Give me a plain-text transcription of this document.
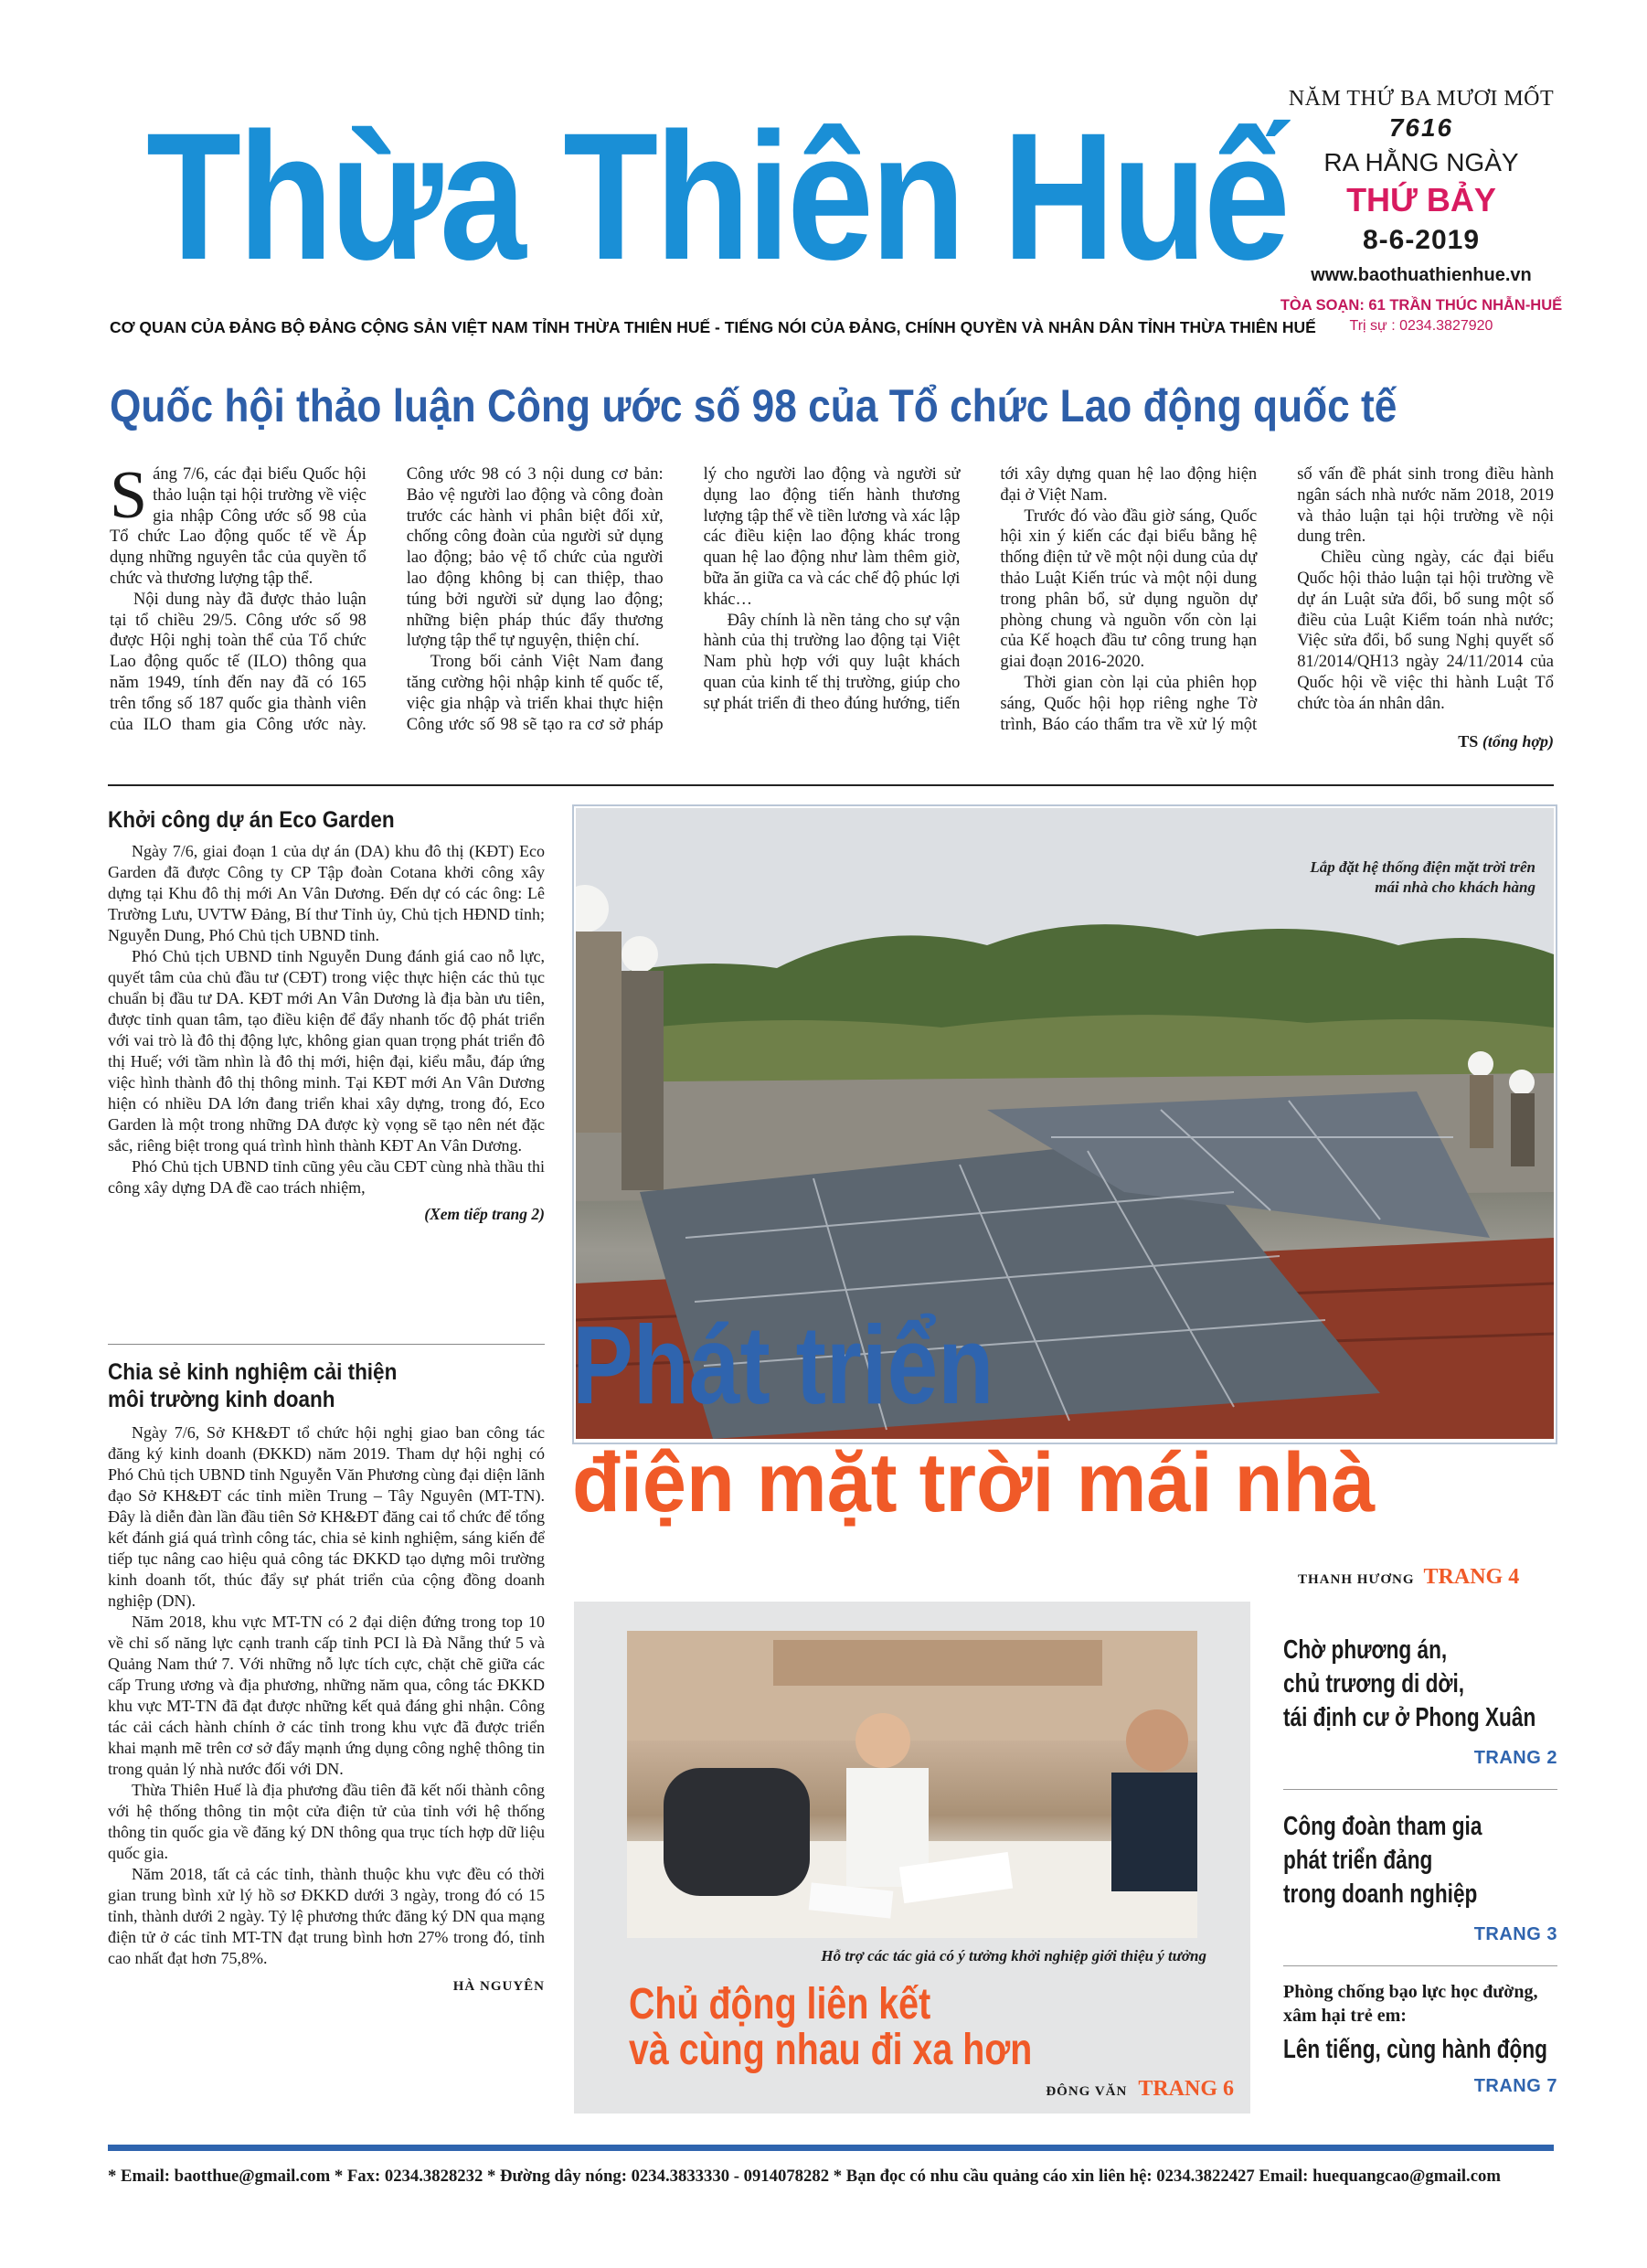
Thừa Thiên Huế
CƠ QUAN CỦA ĐẢNG BỘ ĐẢNG CỘNG SẢN VIỆT NAM TỈNH THỪA THIÊN HUẾ - TIẾNG NÓI CỦA ĐẢNG, CHÍNH QUYỀN VÀ NHÂN DÂN TỈNH THỪA THIÊN HUẾ
NĂM THỨ BA MƯƠI MỐT
7616
RA HẰNG NGÀY
THỨ BẢY
8-6-2019
www.baothuathienhue.vn
TÒA SOẠN: 61 TRẦN THÚC NHẪN-HUẾ
Trị sự : 0234.3827920
Quốc hội thảo luận Công ước số 98 của Tổ chức Lao động quốc tế

Sáng 7/6, các đại biểu Quốc hội thảo luận tại hội trường về việc gia nhập Công ước số 98 của Tổ chức Lao động quốc tế về Áp dụng những nguyên tắc của quyền tổ chức và thương lượng tập thể.

Nội dung này đã được thảo luận tại tổ chiều 29/5. Công ước số 98 được Hội nghị toàn thể của Tổ chức Lao động quốc tế (ILO) thông qua năm 1949, tính đến nay đã có 165 trên tổng số 187 quốc gia thành viên của ILO tham gia Công ước này. Công ước 98 có 3 nội dung cơ bản: Bảo vệ người lao động và công đoàn trước các hành vi phân biệt đối xử, chống công đoàn của người sử dụng lao động; bảo vệ tổ chức của người lao động không bị can thiệp, thao túng bởi người sử dụng lao động; những biện pháp thúc đẩy thương lượng tập thể tự nguyện, thiện chí.

Trong bối cảnh Việt Nam đang tăng cường hội nhập kinh tế quốc tế, việc gia nhập và triển khai thực hiện Công ước số 98 sẽ tạo ra cơ sở pháp lý cho người lao động và người sử dụng lao động tiến hành thương lượng tập thể về tiền lương và xác lập các điều kiện lao động khác trong quan hệ lao động như làm thêm giờ, bữa ăn giữa ca và các chế độ phúc lợi khác…

Đây chính là nền tảng cho sự vận hành của thị trường lao động tại Việt Nam phù hợp với quy luật khách quan của kinh tế thị trường, giúp cho sự phát triển đi theo đúng hướng, tiến tới xây dựng quan hệ lao động hiện đại ở Việt Nam.

Trước đó vào đầu giờ sáng, Quốc hội xin ý kiến các đại biểu bằng hệ thống điện tử về một nội dung của dự thảo Luật Kiến trúc và một nội dung trong phân bổ, sử dụng nguồn dự phòng chung và nguồn vốn còn lại của Kế hoạch đầu tư công trung hạn giai đoạn 2016-2020.

Thời gian còn lại của phiên họp sáng, Quốc hội họp riêng nghe Tờ trình, Báo cáo thẩm tra về xử lý một số vấn đề phát sinh trong điều hành ngân sách nhà nước năm 2018, 2019 và thảo luận tại hội trường về nội dung trên.

Chiều cùng ngày, các đại biểu Quốc hội thảo luận tại hội trường về dự án Luật sửa đổi, bổ sung một số điều của Luật Kiểm toán nhà nước; Việc sửa đổi, bổ sung Nghị quyết số 81/2014/QH13 ngày 24/11/2014 của Quốc hội về việc thi hành Luật Tổ chức tòa án nhân dân.

TS (tổng hợp)
Khởi công dự án Eco Garden

Ngày 7/6, giai đoạn 1 của dự án (DA) khu đô thị (KĐT) Eco Garden đã được Công ty CP Tập đoàn Cotana khởi công xây dựng tại Khu đô thị mới An Vân Dương. Đến dự có các ông: Lê Trường Lưu, UVTW Đảng, Bí thư Tỉnh ủy, Chủ tịch HĐND tỉnh; Nguyễn Dung, Phó Chủ tịch UBND tỉnh.

Phó Chủ tịch UBND tỉnh Nguyễn Dung đánh giá cao nỗ lực, quyết tâm của chủ đầu tư (CĐT) trong việc thực hiện các thủ tục chuẩn bị đầu tư DA. KĐT mới An Vân Dương là địa bàn ưu tiên, được tỉnh quan tâm, tạo điều kiện để đẩy nhanh tốc độ phát triển với vai trò là đô thị động lực, không gian quan trọng phát triển đô thị Huế; với tầm nhìn là đô thị mới, hiện đại, kiểu mẫu, đáp ứng việc hình thành đô thị thông minh. Tại KĐT mới An Vân Dương hiện có nhiều DA lớn đang triển khai xây dựng, trong đó, Eco Garden là một trong những DA được kỳ vọng sẽ tạo nên nét đặc sắc, riêng biệt trong quá trình hình thành KĐT An Vân Dương.

Phó Chủ tịch UBND tỉnh cũng yêu cầu CĐT cùng nhà thầu thi công xây dựng DA đề cao trách nhiệm,

(Xem tiếp trang 2)
Chia sẻ kinh nghiệm cải thiện
môi trường kinh doanh

Ngày 7/6, Sở KH&ĐT tổ chức hội nghị giao ban công tác đăng ký kinh doanh (ĐKKD) năm 2019. Tham dự hội nghị có Phó Chủ tịch UBND tỉnh Nguyễn Văn Phương cùng đại diện lãnh đạo Sở KH&ĐT các tỉnh miền Trung – Tây Nguyên (MT-TN). Đây là diễn đàn lần đầu tiên Sở KH&ĐT đăng cai tổ chức để tổng kết đánh giá quá trình công tác, chia sẻ kinh nghiệm, sáng kiến để tiếp tục nâng cao hiệu quả công tác ĐKKD tạo dựng môi trường kinh doanh tốt, thúc đẩy sự phát triển của cộng đồng doanh nghiệp (DN).

Năm 2018, khu vực MT-TN có 2 đại diện đứng trong top 10 về chỉ số năng lực cạnh tranh cấp tỉnh PCI là Đà Nẵng thứ 5 và Quảng Nam thứ 7. Với những nỗ lực tích cực, chặt chẽ giữa các cấp Trung ương và địa phương, những năm qua, công tác ĐKKD khu vực MT-TN đã đạt được những kết quả đáng ghi nhận. Công tác cải cách hành chính ở các tỉnh trong khu vực đã được triển khai mạnh mẽ trên cơ sở đẩy mạnh ứng dụng công nghệ thông tin trong quản lý nhà nước đối với DN.

Thừa Thiên Huế là địa phương đầu tiên đã kết nối thành công với hệ thống thông tin một cửa điện tử của tỉnh với hệ thống thông tin quốc gia về đăng ký DN thông qua trục tích hợp dữ liệu quốc gia.

Năm 2018, tất cả các tỉnh, thành thuộc khu vực đều có thời gian trung bình xử lý hồ sơ ĐKKD dưới 3 ngày, trong đó có 15 tỉnh, thành dưới 2 ngày. Tỷ lệ phương thức đăng ký DN qua mạng điện tử ở các tỉnh MT-TN đạt trung bình hơn 27% trong đó, tỉnh cao nhất đạt hơn 75,8%.

HÀ NGUYÊN
Lắp đặt hệ thống điện mặt trời trên
mái nhà cho khách hàng
Phát triển
điện mặt trời mái nhà
THANH HƯƠNG TRANG 4
Hỗ trợ các tác giả có ý tưởng khởi nghiệp giới thiệu ý tưởng
Chủ động liên kết
và cùng nhau đi xa hơn
ĐÔNG VĂN TRANG 6
Chờ phương án,
chủ trương di dời,
tái định cư ở Phong Xuân
TRANG 2
Công đoàn tham gia
phát triển đảng
trong doanh nghiệp
TRANG 3
Phòng chống bạo lực học đường,
xâm hại trẻ em:
Lên tiếng, cùng hành động
TRANG 7
* Email: baotthue@gmail.com * Fax: 0234.3828232 * Đường dây nóng: 0234.3833330 - 0914078282 * Bạn đọc có nhu cầu quảng cáo xin liên hệ: 0234.3822427 Email: huequangcao@gmail.com
